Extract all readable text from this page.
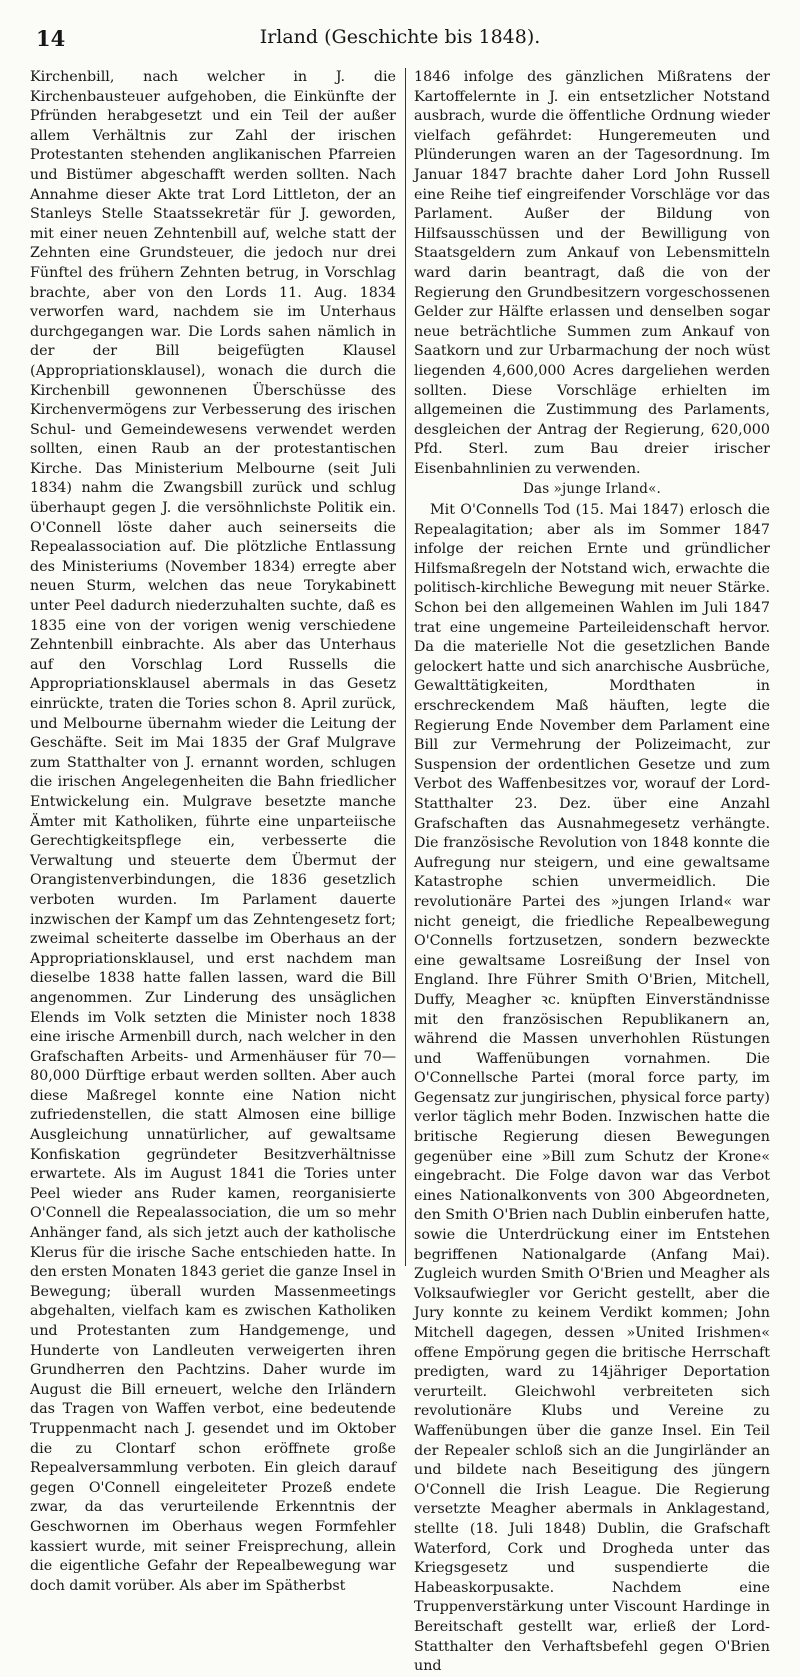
14	Irland (Geschichte bis 1848).

Kirchenbill, nach welcher in J. die Kirchenbausteuer aufgehoben, die Einkünfte der Pfründen herabgesetzt und ein Teil der außer allem Verhältnis zur Zahl der irischen Protestanten stehenden anglikanischen Pfarreien und Bistümer abgeschafft werden sollten. Nach Annahme dieser Akte trat Lord Littleton, der an Stanleys Stelle Staatssekretär für J. geworden, mit einer neuen Zehntenbill auf, welche statt der Zehnten eine Grundsteuer, die jedoch nur drei Fünftel des frühern Zehnten betrug, in Vorschlag brachte, aber von den Lords 11. Aug. 1834 verworfen ward, nachdem sie im Unterhaus durchgegangen war. Die Lords sahen nämlich in der der Bill beigefügten Klausel (Appropriationsklausel), wonach die durch die Kirchenbill gewonnenen Überschüsse des Kirchenvermögens zur Verbesserung des irischen Schul- und Gemeindewesens verwendet werden sollten, einen Raub an der protestantischen Kirche. Das Ministerium Melbourne (seit Juli 1834) nahm die Zwangsbill zurück und schlug überhaupt gegen J. die versöhnlichste Politik ein. O'Connell löste daher auch seinerseits die Repealassociation auf. Die plötzliche Entlassung des Ministeriums (November 1834) erregte aber neuen Sturm, welchen das neue Torykabinett unter Peel dadurch niederzuhalten suchte, daß es 1835 eine von der vorigen wenig verschiedene Zehntenbill einbrachte. Als aber das Unterhaus auf den Vorschlag Lord Russells die Appropriationsklausel abermals in das Gesetz einrückte, traten die Tories schon 8. April zurück, und Melbourne übernahm wieder die Leitung der Geschäfte. Seit im Mai 1835 der Graf Mulgrave zum Statthalter von J. ernannt worden, schlugen die irischen Angelegenheiten die Bahn friedlicher Entwickelung ein. Mulgrave besetzte manche Ämter mit Katholiken, führte eine unparteiische Gerechtigkeitspflege ein, verbesserte die Verwaltung und steuerte dem Übermut der Orangistenverbindungen, die 1836 gesetzlich verboten wurden. Im Parlament dauerte inzwischen der Kampf um das Zehntengesetz fort; zweimal scheiterte dasselbe im Oberhaus an der Appropriationsklausel, und erst nachdem man dieselbe 1838 hatte fallen lassen, ward die Bill angenommen. Zur Linderung des unsäglichen Elends im Volk setzten die Minister noch 1838 eine irische Armenbill durch, nach welcher in den Grafschaften Arbeits- und Armenhäuser für 70—80,000 Dürftige erbaut werden sollten. Aber auch diese Maßregel konnte eine Nation nicht zufriedenstellen, die statt Almosen eine billige Ausgleichung unnatürlicher, auf gewaltsame Konfiskation gegründeter Besitzverhältnisse erwartete. Als im August 1841 die Tories unter Peel wieder ans Ruder kamen, reorganisierte O'Connell die Repealassociation, die um so mehr Anhänger fand, als sich jetzt auch der katholische Klerus für die irische Sache entschieden hatte. In den ersten Monaten 1843 geriet die ganze Insel in Bewegung; überall wurden Massenmeetings abgehalten, vielfach kam es zwischen Katholiken und Protestanten zum Handgemenge, und Hunderte von Landleuten verweigerten ihren Grundherren den Pachtzins. Daher wurde im August die Bill erneuert, welche den Irländern das Tragen von Waffen verbot, eine bedeutende Truppenmacht nach J. gesendet und im Oktober die zu Clontarf schon eröffnete große Repealversammlung verboten. Ein gleich darauf gegen O'Connell eingeleiteter Prozeß endete zwar, da das verurteilende Erkenntnis der Geschwornen im Oberhaus wegen Formfehler kassiert wurde, mit seiner Freisprechung, allein die eigentliche Gefahr der Repealbewegung war doch damit vorüber. Als aber im Spätherbst

1846 infolge des gänzlichen Mißratens der Kartoffelernte in J. ein entsetzlicher Notstand ausbrach, wurde die öffentliche Ordnung wieder vielfach gefährdet: Hungeremeuten und Plünderungen waren an der Tagesordnung. Im Januar 1847 brachte daher Lord John Russell eine Reihe tief eingreifender Vorschläge vor das Parlament. Außer der Bildung von Hilfsausschüssen und der Bewilligung von Staatsgeldern zum Ankauf von Lebensmitteln ward darin beantragt, daß die von der Regierung den Grundbesitzern vorgeschossenen Gelder zur Hälfte erlassen und denselben sogar neue beträchtliche Summen zum Ankauf von Saatkorn und zur Urbarmachung der noch wüst liegenden 4,600,000 Acres dargeliehen werden sollten. Diese Vorschläge erhielten im allgemeinen die Zustimmung des Parlaments, desgleichen der Antrag der Regierung, 620,000 Pfd. Sterl. zum Bau dreier irischer Eisenbahnlinien zu verwenden.

Das »junge Irland«.

Mit O'Connells Tod (15. Mai 1847) erlosch die Repealagitation; aber als im Sommer 1847 infolge der reichen Ernte und gründlicher Hilfsmaßregeln der Notstand wich, erwachte die politisch-kirchliche Bewegung mit neuer Stärke. Schon bei den allgemeinen Wahlen im Juli 1847 trat eine ungemeine Parteileidenschaft hervor. Da die materielle Not die gesetzlichen Bande gelockert hatte und sich anarchische Ausbrüche, Gewalttätigkeiten, Mordthaten in erschreckendem Maß häuften, legte die Regierung Ende November dem Parlament eine Bill zur Vermehrung der Polizeimacht, zur Suspension der ordentlichen Gesetze und zum Verbot des Waffenbesitzes vor, worauf der Lord-Statthalter 23. Dez. über eine Anzahl Grafschaften das Ausnahmegesetz verhängte. Die französische Revolution von 1848 konnte die Aufregung nur steigern, und eine gewaltsame Katastrophe schien unvermeidlich. Die revolutionäre Partei des »jungen Irland« war nicht geneigt, die friedliche Repealbewegung O'Connells fortzusetzen, sondern bezweckte eine gewaltsame Losreißung der Insel von England. Ihre Führer Smith O'Brien, Mitchell, Duffy, Meagher ꝛc. knüpften Einverständnisse mit den französischen Republikanern an, während die Massen unverhohlen Rüstungen und Waffenübungen vornahmen. Die O'Connellsche Partei (moral force party, im Gegensatz zur jungirischen, physical force party) verlor täglich mehr Boden. Inzwischen hatte die britische Regierung diesen Bewegungen gegenüber eine »Bill zum Schutz der Krone« eingebracht. Die Folge davon war das Verbot eines Nationalkonvents von 300 Abgeordneten, den Smith O'Brien nach Dublin einberufen hatte, sowie die Unterdrückung einer im Entstehen begriffenen Nationalgarde (Anfang Mai). Zugleich wurden Smith O'Brien und Meagher als Volksaufwiegler vor Gericht gestellt, aber die Jury konnte zu keinem Verdikt kommen; John Mitchell dagegen, dessen »United Irishmen« offene Empörung gegen die britische Herrschaft predigten, ward zu 14jähriger Deportation verurteilt. Gleichwohl verbreiteten sich revolutionäre Klubs und Vereine zu Waffenübungen über die ganze Insel. Ein Teil der Repealer schloß sich an die Jungirländer an und bildete nach Beseitigung des jüngern O'Connell die Irish League. Die Regierung versetzte Meagher abermals in Anklagestand, stellte (18. Juli 1848) Dublin, die Grafschaft Waterford, Cork und Drogheda unter das Kriegsgesetz und suspendierte die Habeaskorpusakte. Nachdem eine Truppenverstärkung unter Viscount Hardinge in Bereitschaft gestellt war, erließ der Lord-Statthalter den Verhaftsbefehl gegen O'Brien und
